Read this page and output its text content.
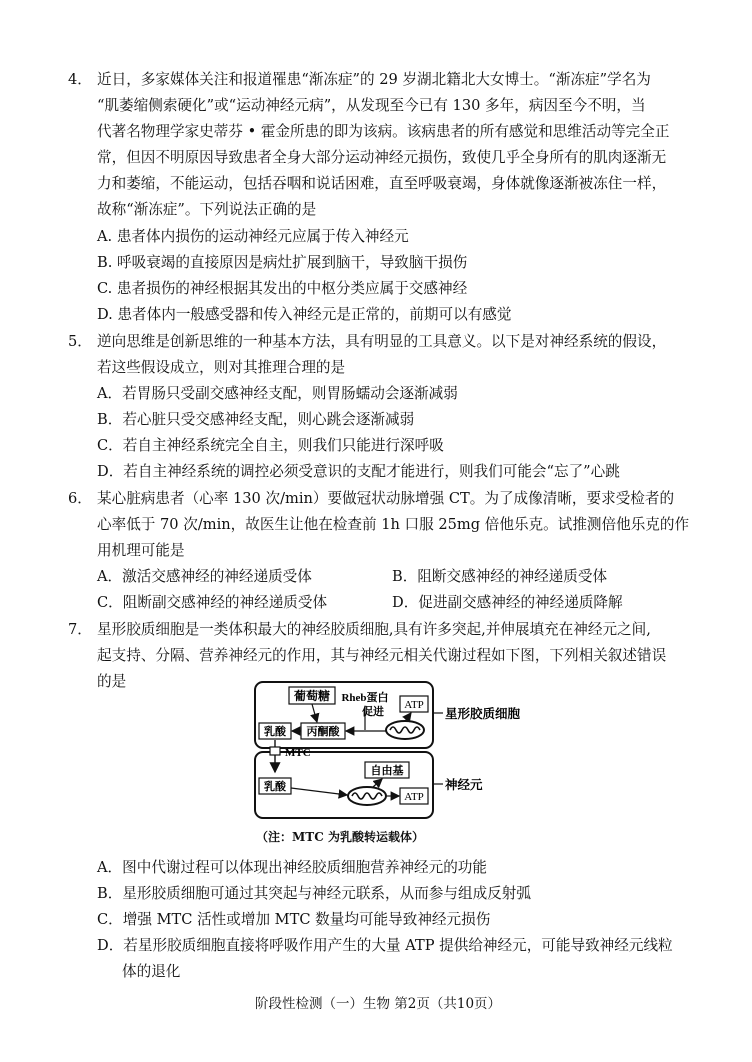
4． 近日，多家媒体关注和报道罹患“渐冻症”的 29 岁湖北籍北大女博士。“渐冻症”学名为
“肌萎缩侧索硬化”或“运动神经元病”，从发现至今已有 130 多年，病因至今不明，当
代著名物理学家史蒂芬 • 霍金所患的即为该病。该病患者的所有感觉和思维活动等完全正
常，但因不明原因导致患者全身大部分运动神经元损伤，致使几乎全身所有的肌肉逐渐无
力和萎缩，不能运动，包括吞咽和说话困难，直至呼吸衰竭，身体就像逐渐被冻住一样，
故称“渐冻症”。下列说法正确的是
A. 患者体内损伤的运动神经元应属于传入神经元
B. 呼吸衰竭的直接原因是病灶扩展到脑干，导致脑干损伤
C. 患者损伤的神经根据其发出的中枢分类应属于交感神经
D. 患者体内一般感受器和传入神经元是正常的，前期可以有感觉
5． 逆向思维是创新思维的一种基本方法，具有明显的工具意义。以下是对神经系统的假设，
若这些假设成立，则对其推理合理的是
A．若胃肠只受副交感神经支配，则胃肠蠕动会逐渐减弱
B．若心脏只受交感神经支配，则心跳会逐渐减弱
C．若自主神经系统完全自主，则我们只能进行深呼吸
D．若自主神经系统的调控必须受意识的支配才能进行，则我们可能会“忘了”心跳
6． 某心脏病患者（心率 130 次/min）要做冠状动脉增强 CT。为了成像清晰，要求受检者的
心率低于 70 次/min，故医生让他在检查前 1h 口服 25mg 倍他乐克。试推测倍他乐克的作
用机理可能是
A．激活交感神经的神经递质受体	B．阻断交感神经的神经递质受体
C．阻断副交感神经的神经递质受体	D．促进副交感神经的神经递质降解
7． 星形胶质细胞是一类体积最大的神经胶质细胞,具有许多突起,并伸展填充在神经元之间,
起支持、分隔、营养神经元的作用，其与神经元相关代谢过程如下图，下列相关叙述错误
的是
葡萄糖 Rheb蛋白
促进
ATP
乳酸 丙酮酸
MTC
自由基
乳酸
ATP
星形胶质细胞
神经元
（注：MTC 为乳酸转运载体）
A．图中代谢过程可以体现出神经胶质细胞营养神经元的功能
B．星形胶质细胞可通过其突起与神经元联系，从而参与组成反射弧
C．增强 MTC 活性或增加 MTC 数量均可能导致神经元损伤
D．若星形胶质细胞直接将呼吸作用产生的大量 ATP 提供给神经元，可能导致神经元线粒
体的退化
阶段性检测（一）生物 第2页（共10页）
